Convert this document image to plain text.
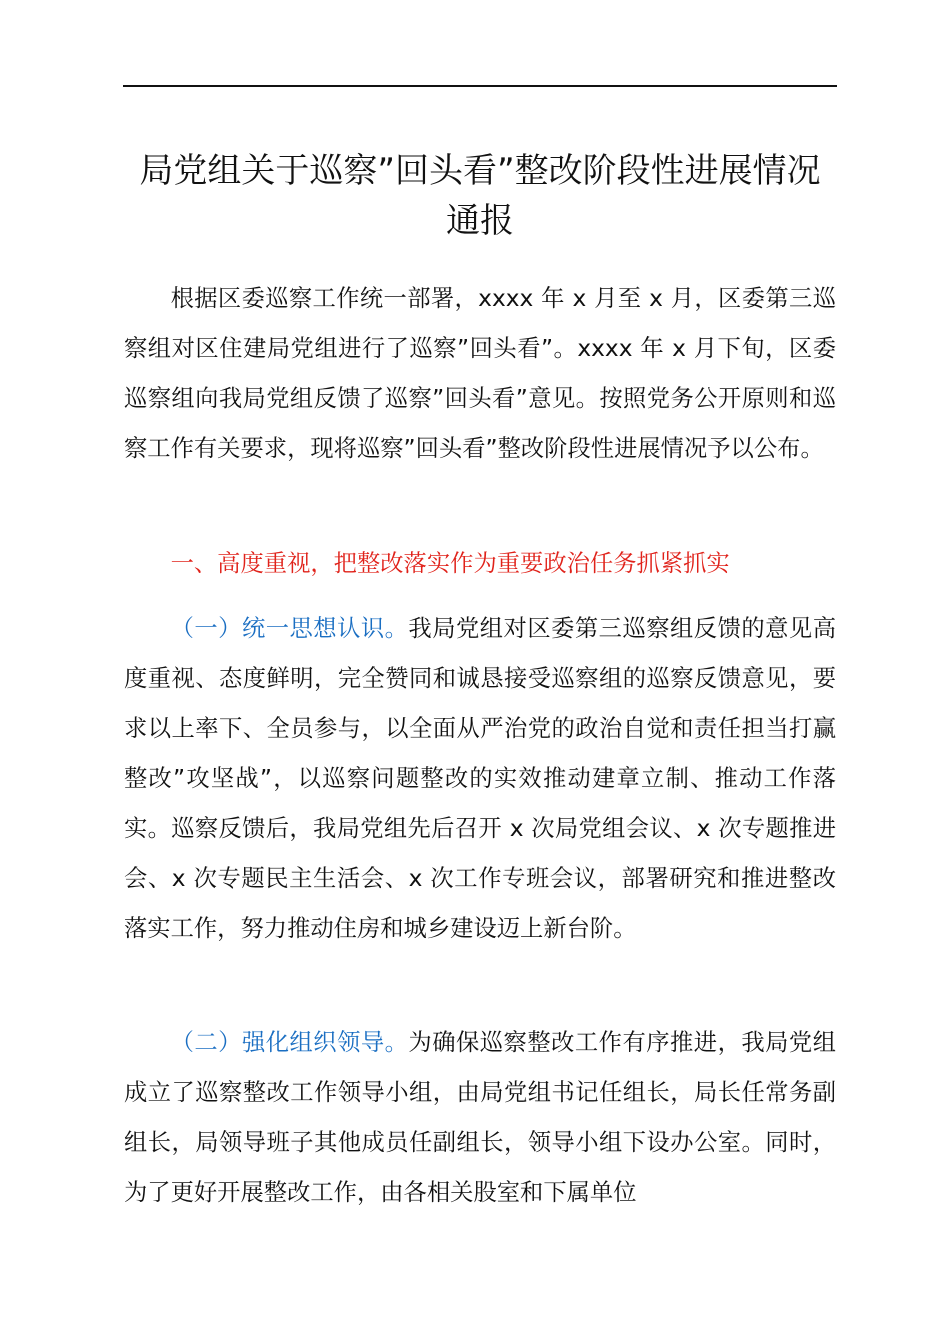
局党组关于巡察”回头看”整改阶段性进展情况
通报

根据区委巡察工作统一部署，xxxx 年 x 月至 x 月，区委第三巡察组对区住建局党组进行了巡察”回头看”。xxxx 年 x 月下旬，区委巡察组向我局党组反馈了巡察”回头看”意见。按照党务公开原则和巡察工作有关要求，现将巡察”回头看”整改阶段性进展情况予以公布。

一、高度重视，把整改落实作为重要政治任务抓紧抓实

（一）统一思想认识。我局党组对区委第三巡察组反馈的意见高度重视、态度鲜明，完全赞同和诚恳接受巡察组的巡察反馈意见，要求以上率下、全员参与，以全面从严治党的政治自觉和责任担当打赢整改”攻坚战”，以巡察问题整改的实效推动建章立制、推动工作落实。巡察反馈后，我局党组先后召开 x 次局党组会议、x 次专题推进会、x 次专题民主生活会、x 次工作专班会议，部署研究和推进整改落实工作，努力推动住房和城乡建设迈上新台阶。

（二）强化组织领导。为确保巡察整改工作有序推进，我局党组成立了巡察整改工作领导小组，由局党组书记任组长，局长任常务副组长，局领导班子其他成员任副组长，领导小组下设办公室。同时，为了更好开展整改工作，由各相关股室和下属单位
